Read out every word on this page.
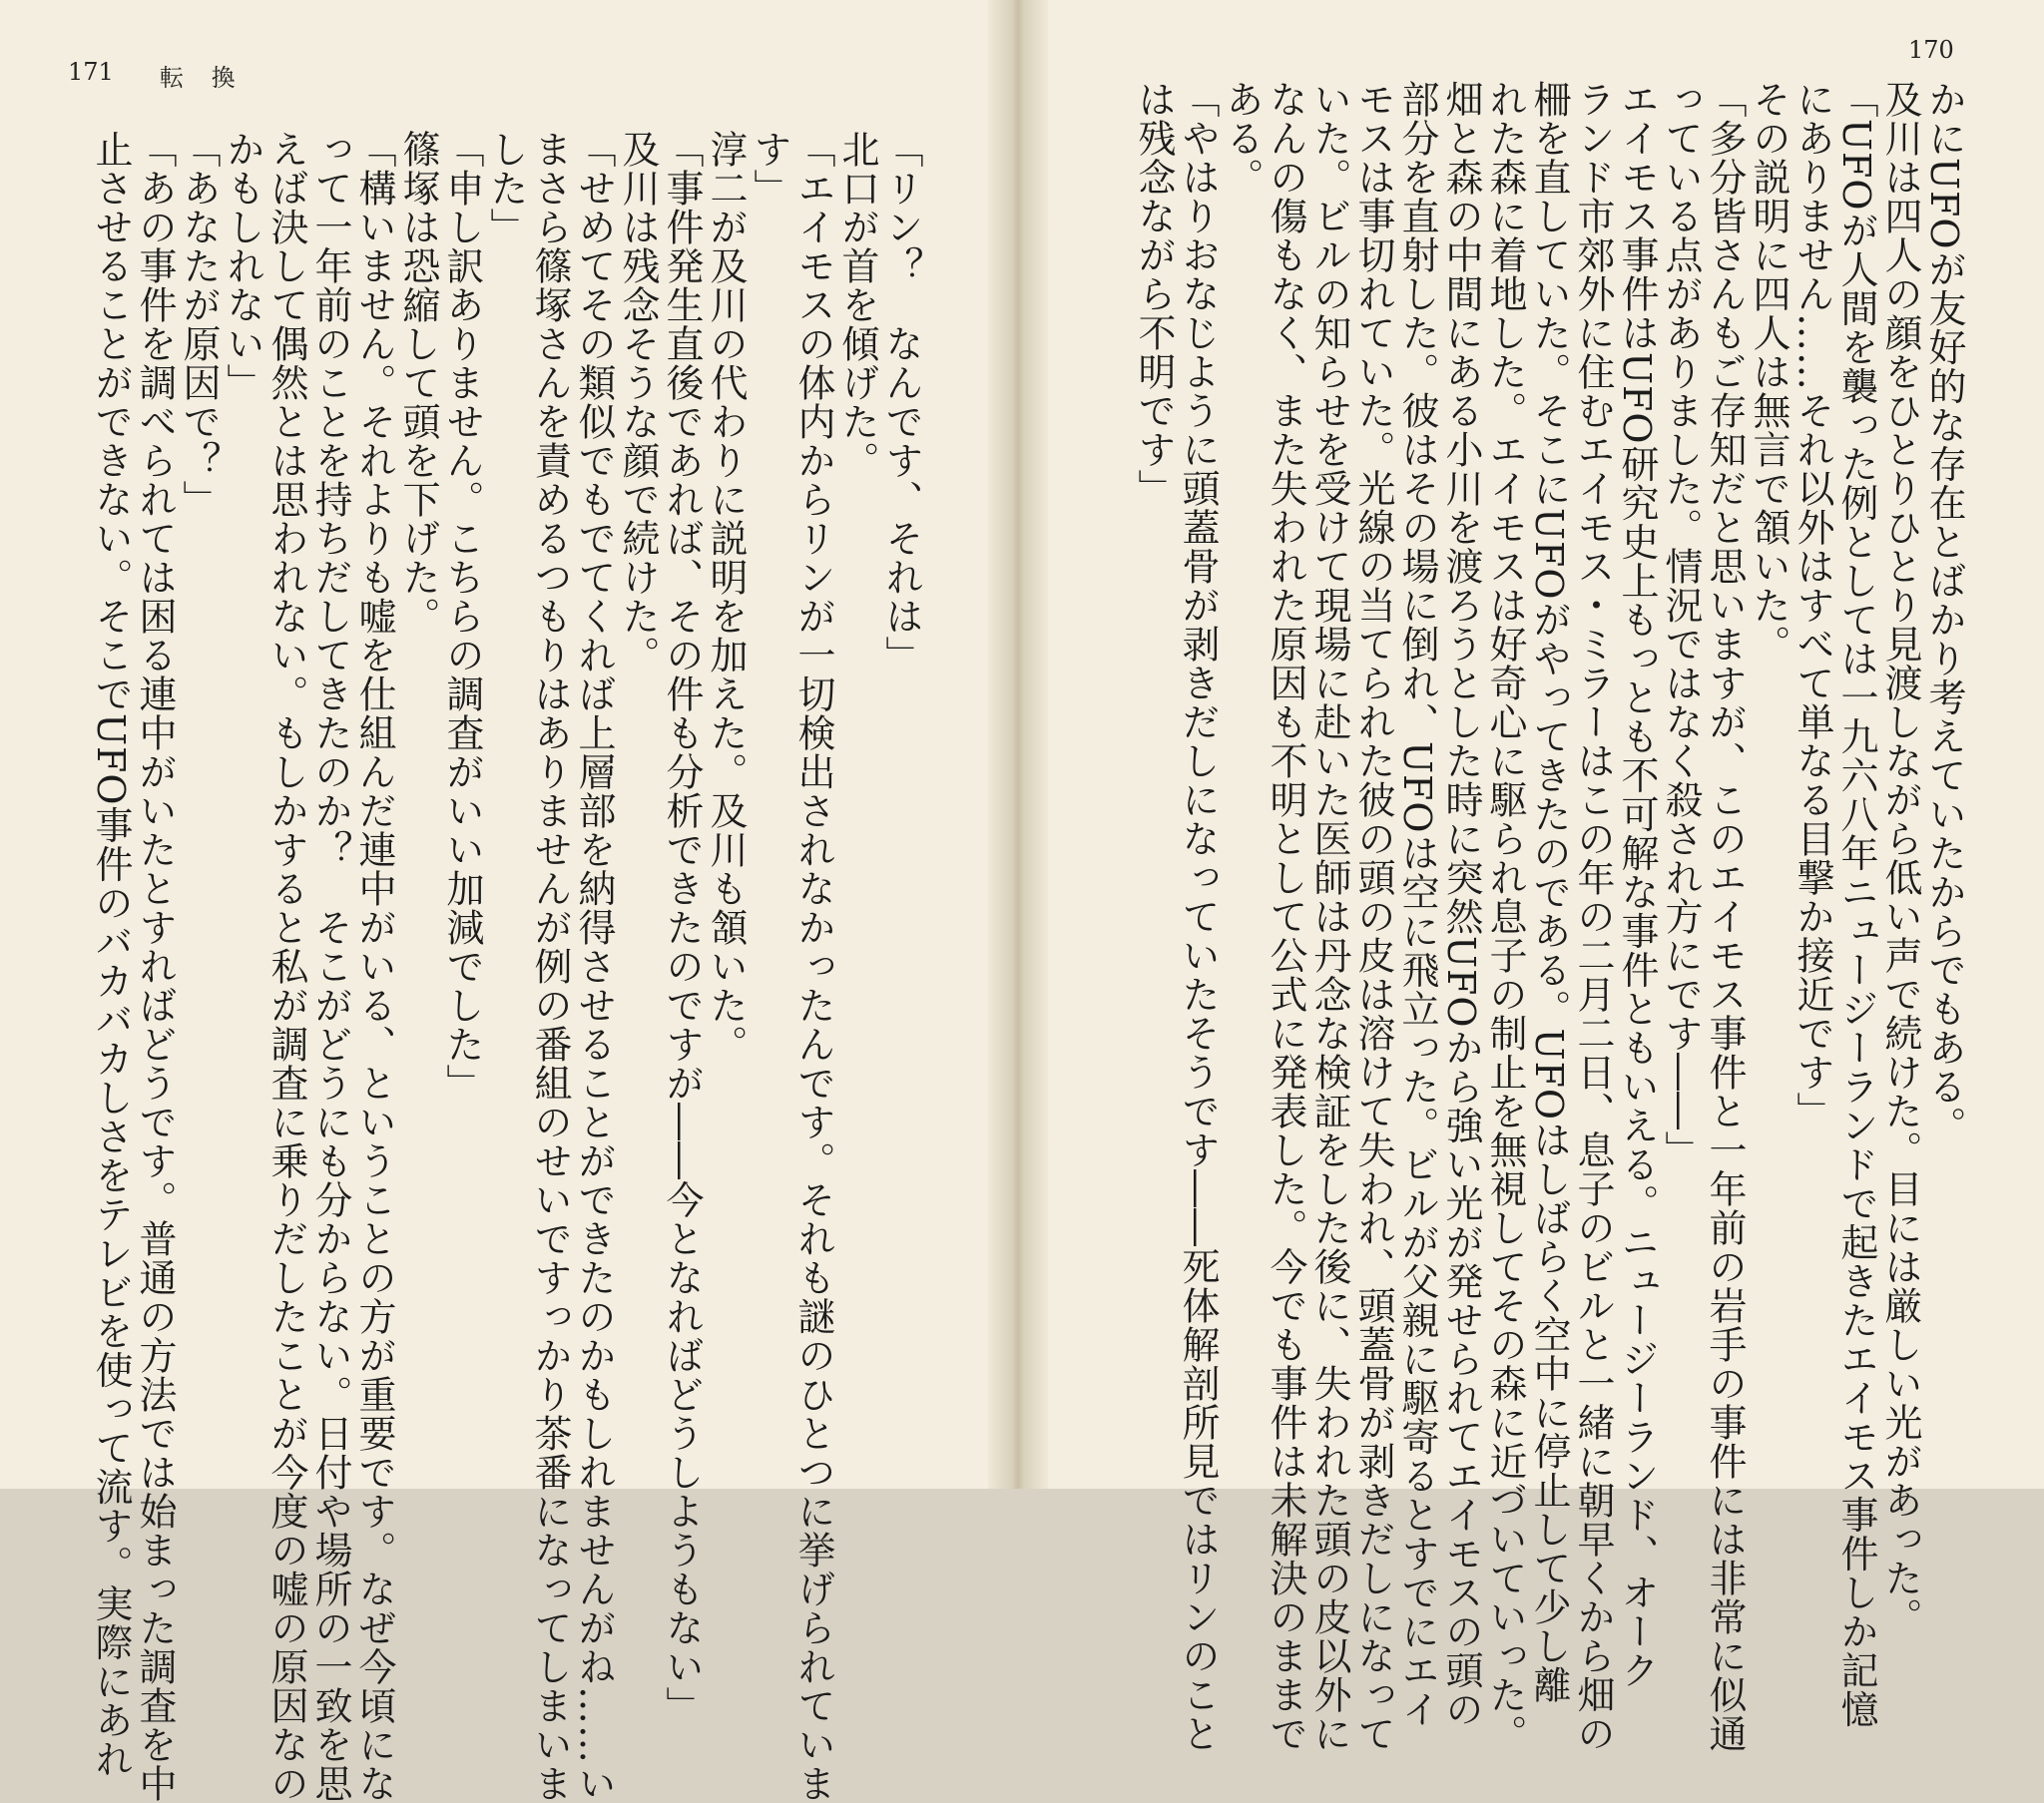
171 転 換
170

「リン？　なんです、それは」

北口が首を傾げた。

「エイモスの体内からリンが一切検出されなかったんです。それも謎のひとつに挙げられていま

す」

淳二が及川の代わりに説明を加えた。及川も頷いた。

「事件発生直後であれば、その件も分析できたのですが――今となればどうしようもない」

及川は残念そうな顔で続けた。

「せめてその類似でもでてくれば上層部を納得させることができたのかもしれませんがね……い

まさら篠塚さんを責めるつもりはありませんが例の番組のせいですっかり茶番になってしまいま

した」

「申し訳ありません。こちらの調査がいい加減でした」

篠塚は恐縮して頭を下げた。

「構いません。それよりも嘘を仕組んだ連中がいる、ということの方が重要です。なぜ今頃にな

って一年前のことを持ちだしてきたのか？　そこがどうにも分からない。日付や場所の一致を思

えば決して偶然とは思われない。もしかすると私が調査に乗りだしたことが今度の嘘の原因なの

かもしれない」

「あなたが原因で？」

「あの事件を調べられては困る連中がいたとすればどうです。普通の方法では始まった調査を中

止させることができない。そこでUFO事件のバカバカしさをテレビを使って流す。実際にあれ	かにUFOが友好的な存在とばかり考えていたからでもある。

及川は四人の顔をひとりひとり見渡しながら低い声で続けた。目には厳しい光があった。

「UFOが人間を襲った例としては一九六八年ニュージーランドで起きたエイモス事件しか記憶

にありません……それ以外はすべて単なる目撃か接近です」

その説明に四人は無言で頷いた。

「多分皆さんもご存知だと思いますが、このエイモス事件と一年前の岩手の事件には非常に似通

っている点がありました。情況ではなく殺され方にです――」

エイモス事件はUFO研究史上もっとも不可解な事件ともいえる。ニュージーランド、オーク

ランド市郊外に住むエイモス・ミラーはこの年の二月二日、息子のビルと一緒に朝早くから畑の

柵を直していた。そこにUFOがやってきたのである。UFOはしばらく空中に停止して少し離

れた森に着地した。エイモスは好奇心に駆られ息子の制止を無視してその森に近づいていった。

畑と森の中間にある小川を渡ろうとした時に突然UFOから強い光が発せられてエイモスの頭の

部分を直射した。彼はその場に倒れ、UFOは空に飛立った。ビルが父親に駆寄るとすでにエイ

モスは事切れていた。光線の当てられた彼の頭の皮は溶けて失われ、頭蓋骨が剥きだしになって

いた。ビルの知らせを受けて現場に赴いた医師は丹念な検証をした後に、失われた頭の皮以外に

なんの傷もなく、また失われた原因も不明として公式に発表した。今でも事件は未解決のままで

ある。

「やはりおなじように頭蓋骨が剥きだしになっていたそうです――死体解剖所見ではリンのこと

は残念ながら不明です」
